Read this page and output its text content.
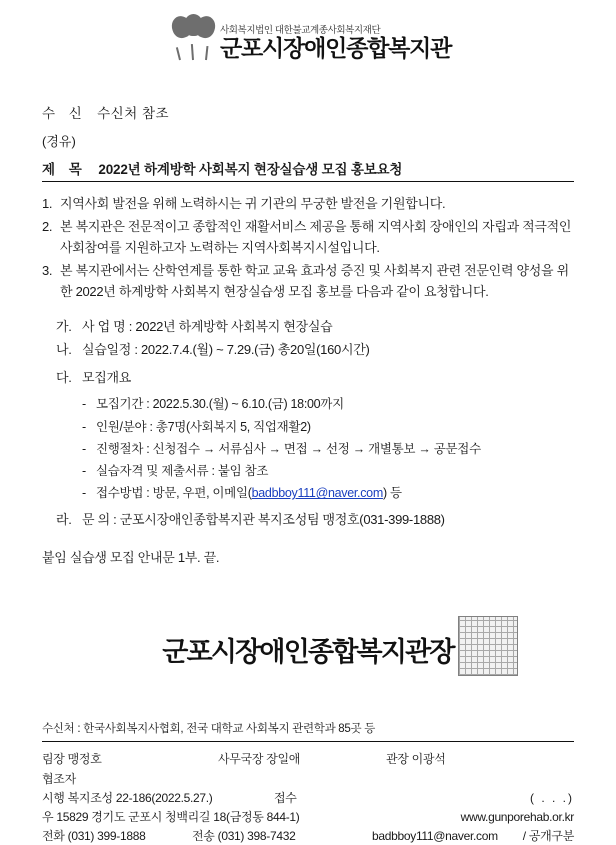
사회복지법인 대한불교계종사회복지재단
군포시장애인종합복지관
수 신 수신처 참조
(경유)
제 목 2022년 하계방학 사회복지 현장실습생 모집 홍보요청
1. 지역사회 발전을 위해 노력하시는 귀 기관의 무궁한 발전을 기원합니다.
2. 본 복지관은 전문적이고 종합적인 재활서비스 제공을 통해 지역사회 장애인의 자립과 적극적인 사회참여를 지원하고자 노력하는 지역사회복지시설입니다.
3. 본 복지관에서는 산학연계를 통한 학교 교육 효과성 증진 및 사회복지 관련 전문인력 양성을 위한 2022년 하계방학 사회복지 현장실습생 모집 홍보를 다음과 같이 요청합니다.
가. 사 업 명 : 2022년 하계방학 사회복지 현장실습
나. 실습일정 : 2022.7.4.(월) ~ 7.29.(금) 총20일(160시간)
다. 모집개요
- 모집기간 : 2022.5.30.(월) ~ 6.10.(금) 18:00까지
- 인원/분야 : 총7명(사회복지 5, 직업재활2)
- 진행절차 : 신청접수 → 서류심사 → 면접 → 선정 → 개별통보 → 공문접수
- 실습자격 및 제출서류 : 붙임 참조
- 접수방법 : 방문, 우편, 이메일(badbboy111@naver.com) 등
라. 문 의 : 군포시장애인종합복지관 복지조성팀 맹정호(031-399-1888)
붙임 실습생 모집 안내문 1부. 끝.
군포시장애인종합복지관장
수신처 : 한국사회복지사협회, 전국 대학교 사회복지 관련학과 85곳 등
림장 맹정호	사무국장 장일애	관장 이광석
협조자
시행 복지조성 22-186(2022.5.27.)	접수	( . . .)
우 15829 경기도 군포시 청백리길 18(금정동 844-1)	www.gunporehab.or.kr
전화 (031) 399-1888	전송 (031) 398-7432	badbboy111@naver.com	/ 공개구분
